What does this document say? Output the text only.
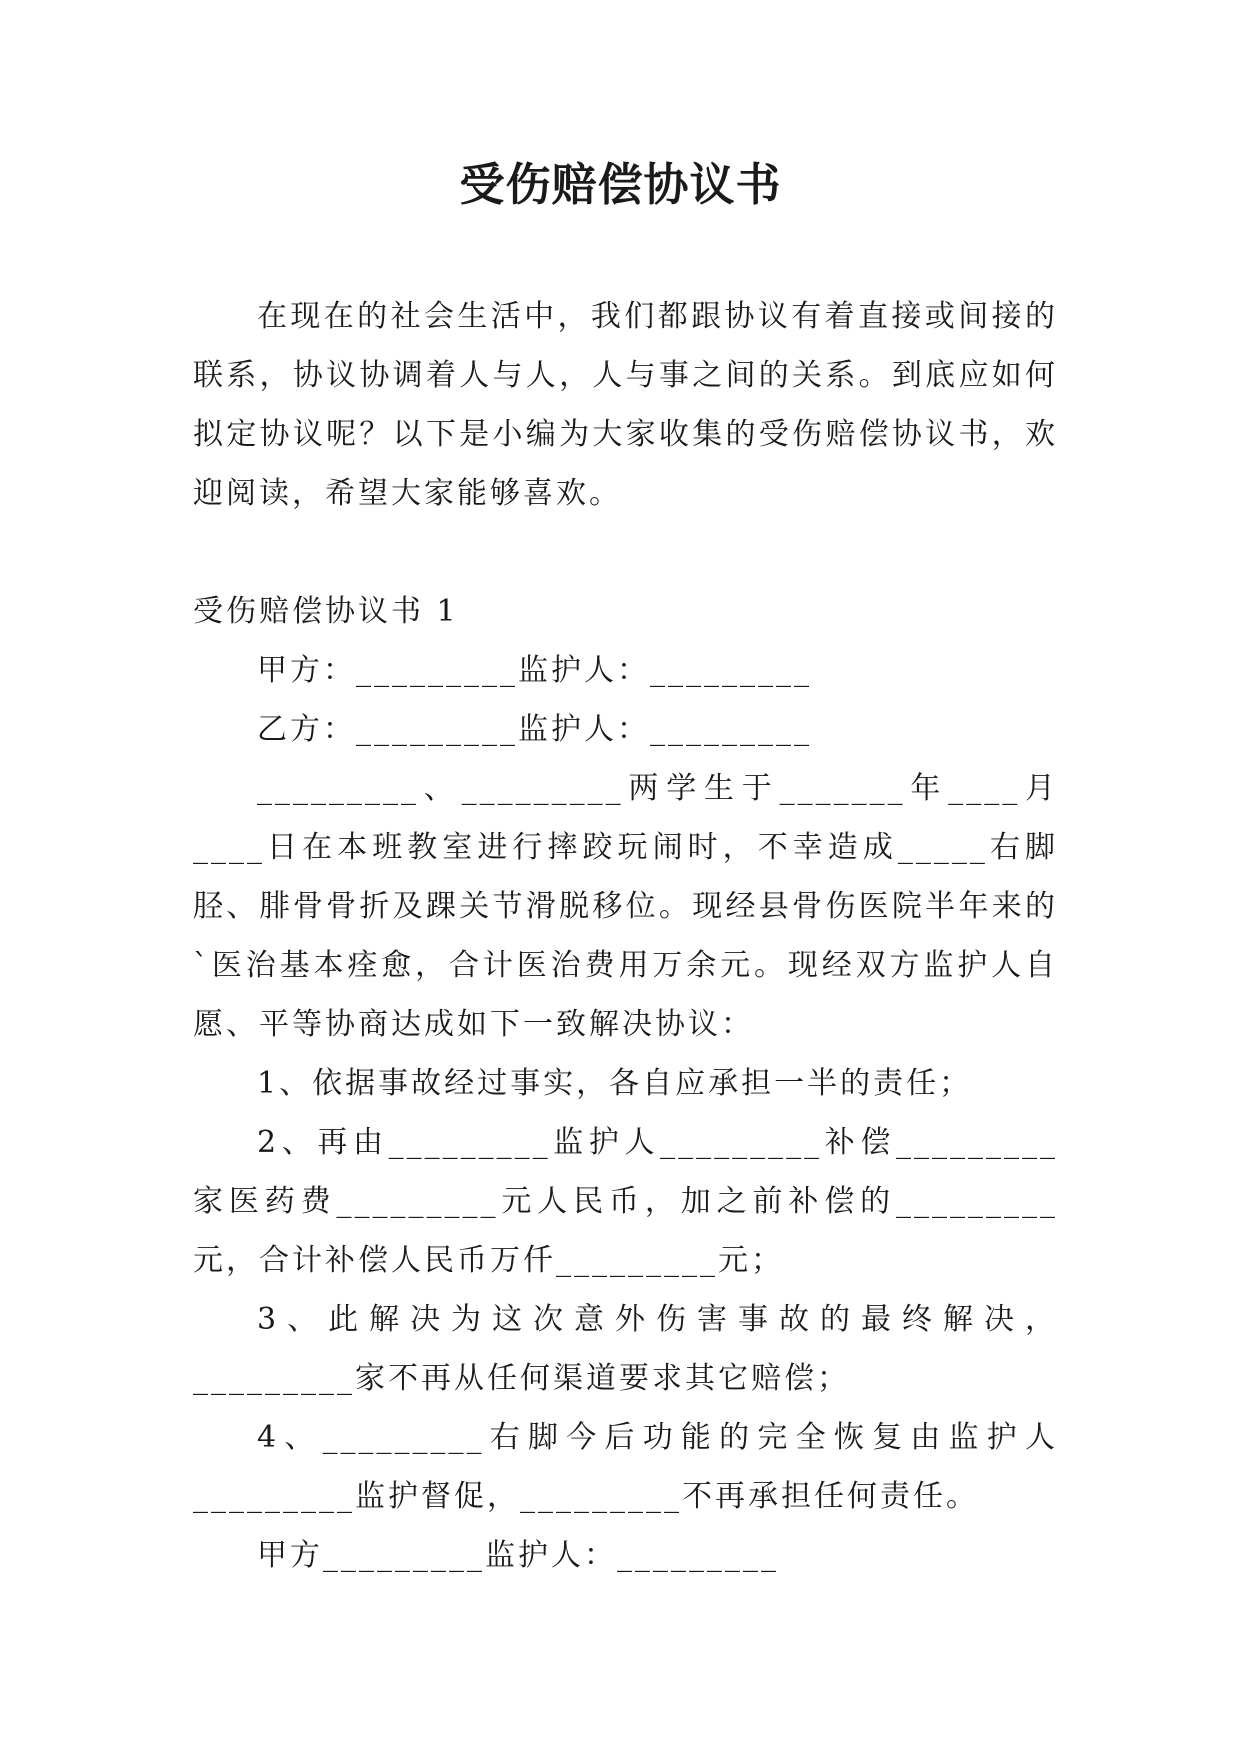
受伤赔偿协议书

在现在的社会生活中，我们都跟协议有着直接或间接的联系，协议协调着人与人，人与事之间的关系。到底应如何拟定协议呢？以下是小编为大家收集的受伤赔偿协议书，欢迎阅读，希望大家能够喜欢。

受伤赔偿协议书 1

甲方：_________监护人：_________

乙方：_________监护人：_________

_________、_________两学生于_______年____月____日在本班教室进行摔跤玩闹时，不幸造成_____右脚胫、腓骨骨折及踝关节滑脱移位。现经县骨伤医院半年来的`医治基本痊愈，合计医治费用万余元。现经双方监护人自愿、平等协商达成如下一致解决协议：

1、依据事故经过事实，各自应承担一半的责任；

2、再由_________监护人_________补偿_________家医药费_________元人民币，加之前补偿的_________元，合计补偿人民币万仟_________元；

3、此解决为这次意外伤害事故的最终解决，_________家不再从任何渠道要求其它赔偿；

4、_________右脚今后功能的完全恢复由监护人_________监护督促，_________不再承担任何责任。

甲方_________监护人：_________
